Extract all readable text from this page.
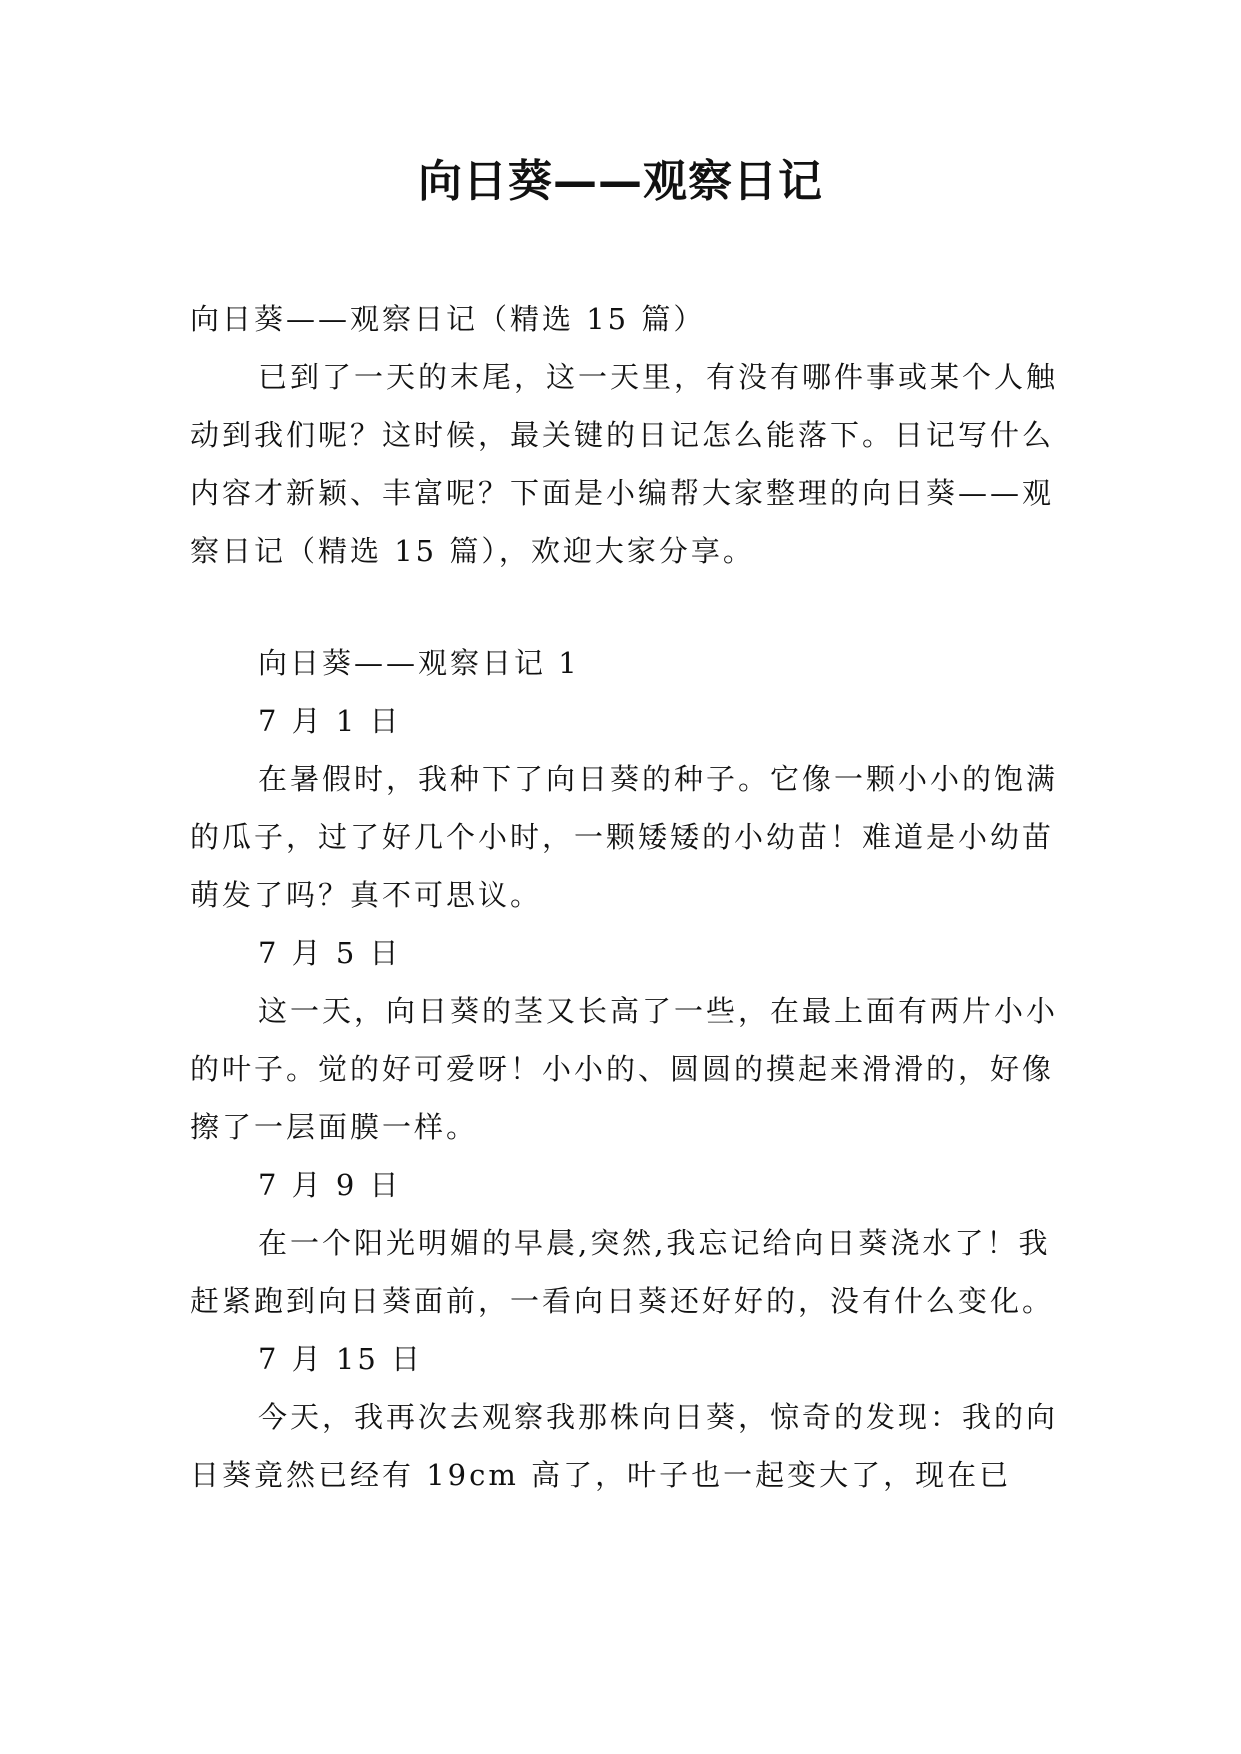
向日葵——观察日记

向日葵——观察日记（精选 15 篇）

已到了一天的末尾，这一天里，有没有哪件事或某个人触动到我们呢？这时候，最关键的日记怎么能落下。日记写什么内容才新颖、丰富呢？下面是小编帮大家整理的向日葵——观察日记（精选 15 篇），欢迎大家分享。

向日葵——观察日记 1

7 月 1 日

在暑假时，我种下了向日葵的种子。它像一颗小小的饱满的瓜子，过了好几个小时，一颗矮矮的小幼苗！难道是小幼苗萌发了吗？真不可思议。

7 月 5 日

这一天，向日葵的茎又长高了一些，在最上面有两片小小的叶子。觉的好可爱呀！小小的、圆圆的摸起来滑滑的，好像擦了一层面膜一样。

7 月 9 日

在一个阳光明媚的早晨,突然,我忘记给向日葵浇水了！我赶紧跑到向日葵面前，一看向日葵还好好的，没有什么变化。

7 月 15 日

今天，我再次去观察我那株向日葵，惊奇的发现：我的向日葵竟然已经有 19cm 高了，叶子也一起变大了，现在已
